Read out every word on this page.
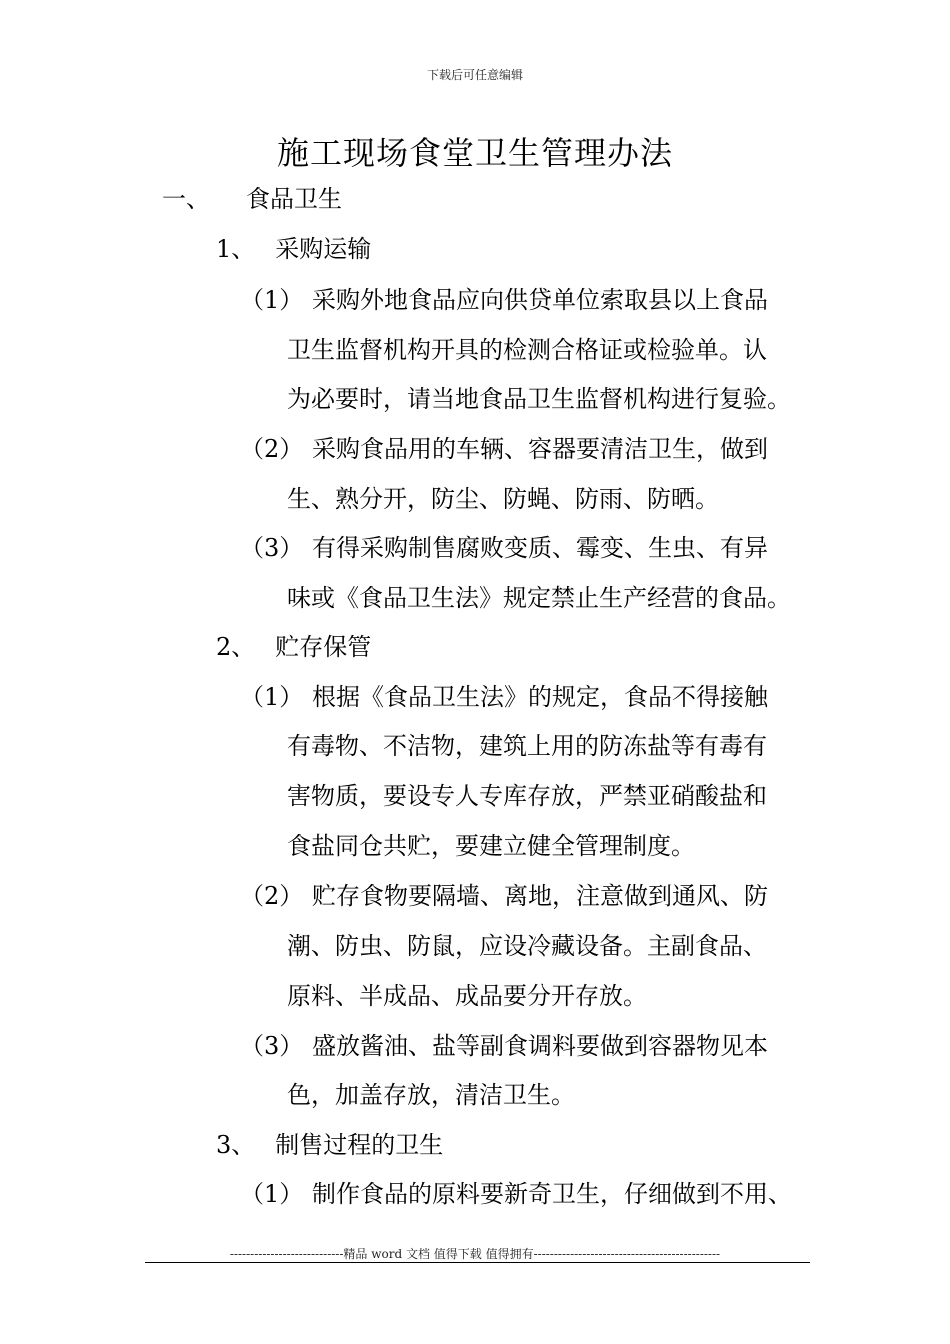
下载后可任意编辑
施工现场食堂卫生管理办法
一、 食品卫生
1、 采购运输
（1） 采购外地食品应向供贷单位索取县以上食品
卫生监督机构开具的检测合格证或检验单。认
为必要时，请当地食品卫生监督机构进行复验。
（2） 采购食品用的车辆、容器要清洁卫生，做到
生、熟分开，防尘、防蝇、防雨、防晒。
（3） 有得采购制售腐败变质、霉变、生虫、有异
味或《食品卫生法》规定禁止生产经营的食品。
2、 贮存保管
（1） 根据《食品卫生法》的规定，食品不得接触
有毒物、不洁物，建筑上用的防冻盐等有毒有
害物质，要设专人专库存放，严禁亚硝酸盐和
食盐同仓共贮，要建立健全管理制度。
（2） 贮存食物要隔墙、离地，注意做到通风、防
潮、防虫、防鼠，应设冷藏设备。主副食品、
原料、半成品、成品要分开存放。
（3） 盛放酱油、盐等副食调料要做到容器物见本
色，加盖存放，清洁卫生。
3、 制售过程的卫生
（1） 制作食品的原料要新奇卫生，仔细做到不用、
----------------------------精品 word 文档 值得下载 值得拥有----------------------------------------------
